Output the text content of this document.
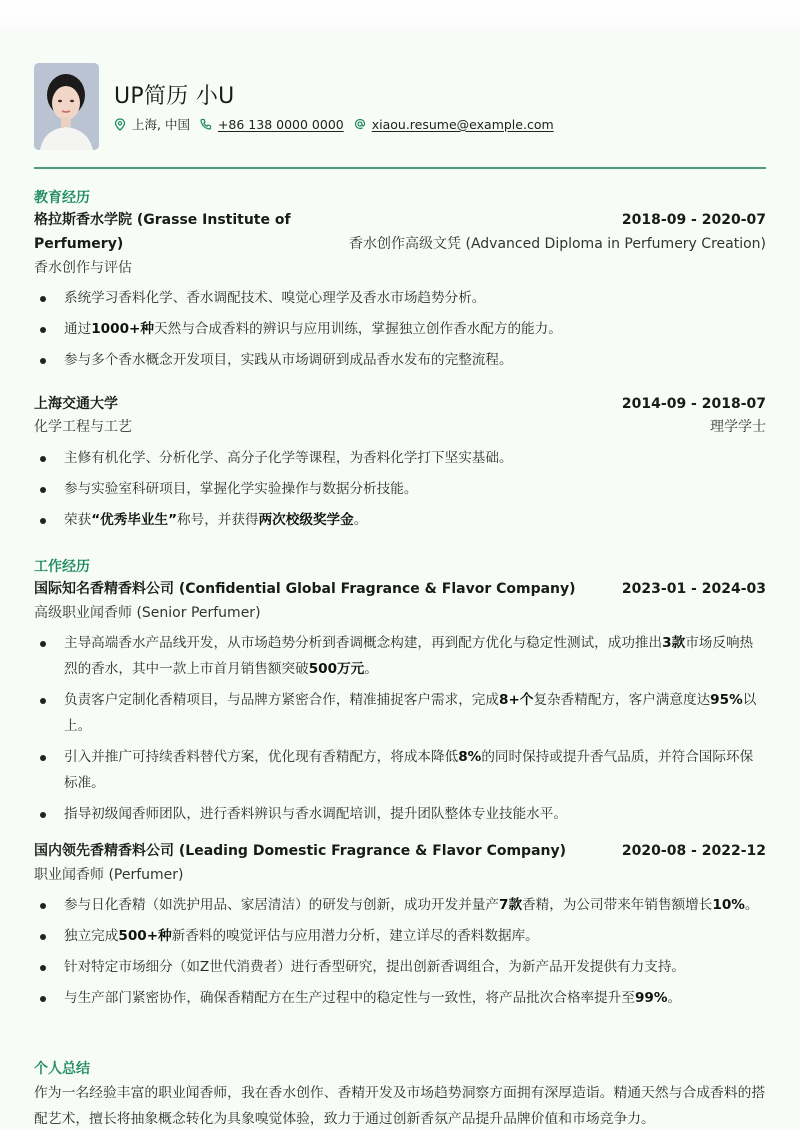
UP简历 小U
上海, 中国 +86 138 0000 0000 xiaou.resume@example.com
教育经历
格拉斯香水学院 (Grasse Institute of	2018-09 - 2020-07
Perfumery)	香水创作高级文凭 (Advanced Diploma in Perfumery Creation)
香水创作与评估
系统学习香料化学、香水调配技术、嗅觉心理学及香水市场趋势分析。
通过1000+种天然与合成香料的辨识与应用训练，掌握独立创作香水配方的能力。
参与多个香水概念开发项目，实践从市场调研到成品香水发布的完整流程。
上海交通大学	2014-09 - 2018-07
化学工程与工艺	理学学士
主修有机化学、分析化学、高分子化学等课程，为香料化学打下坚实基础。
参与实验室科研项目，掌握化学实验操作与数据分析技能。
荣获“优秀毕业生”称号，并获得两次校级奖学金。
工作经历
国际知名香精香料公司 (Confidential Global Fragrance & Flavor Company)	2023-01 - 2024-03
高级职业闻香师 (Senior Perfumer)
主导高端香水产品线开发，从市场趋势分析到香调概念构建，再到配方优化与稳定性测试，成功推出3款市场反响热烈的香水，其中一款上市首月销售额突破500万元。
负责客户定制化香精项目，与品牌方紧密合作，精准捕捉客户需求，完成8+个复杂香精配方，客户满意度达95%以上。
引入并推广可持续香料替代方案，优化现有香精配方，将成本降低8%的同时保持或提升香气品质，并符合国际环保标准。
指导初级闻香师团队，进行香料辨识与香水调配培训，提升团队整体专业技能水平。
国内领先香精香料公司 (Leading Domestic Fragrance & Flavor Company)	2020-08 - 2022-12
职业闻香师 (Perfumer)
参与日化香精（如洗护用品、家居清洁）的研发与创新，成功开发并量产7款香精，为公司带来年销售额增长10%。
独立完成500+种新香料的嗅觉评估与应用潜力分析，建立详尽的香料数据库。
针对特定市场细分（如Z世代消费者）进行香型研究，提出创新香调组合，为新产品开发提供有力支持。
与生产部门紧密协作，确保香精配方在生产过程中的稳定性与一致性，将产品批次合格率提升至99%。
个人总结
作为一名经验丰富的职业闻香师，我在香水创作、香精开发及市场趋势洞察方面拥有深厚造诣。精通天然与合成香料的搭配艺术，擅长将抽象概念转化为具象嗅觉体验，致力于通过创新香氛产品提升品牌价值和市场竞争力。
